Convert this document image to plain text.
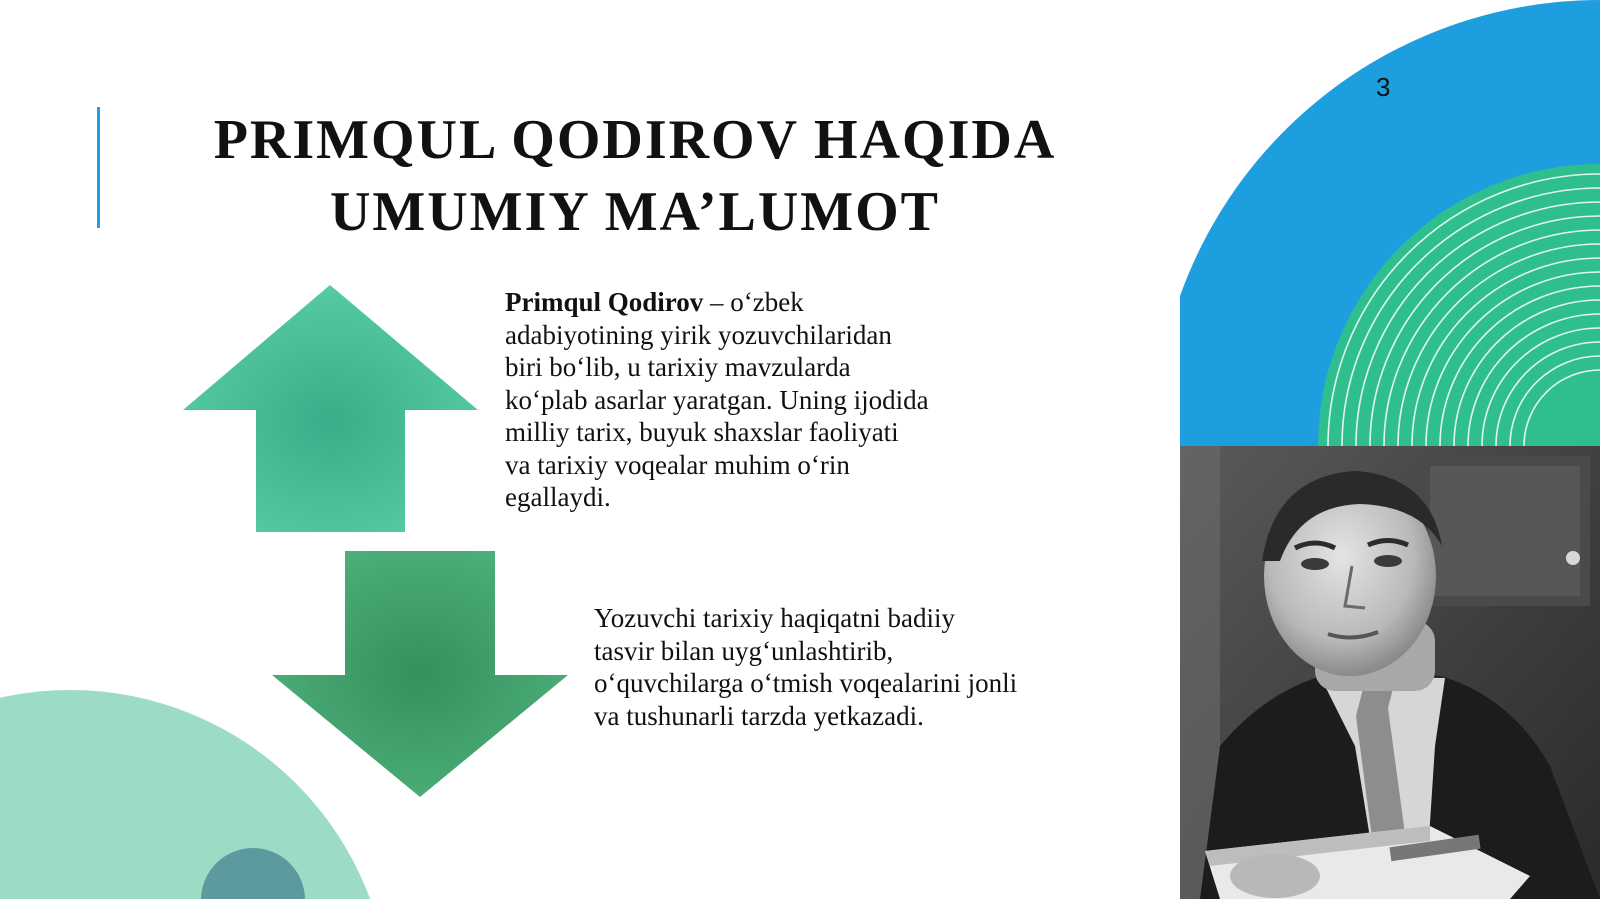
PRIMQUL QODIROV HAQIDA
UMUMIY MA’LUMOT
3
Primqul Qodirov – o‘zbek
adabiyotining yirik yozuvchilaridan
biri bo‘lib, u tarixiy mavzularda
ko‘plab asarlar yaratgan. Uning ijodida
milliy tarix, buyuk shaxslar faoliyati
va tarixiy voqealar muhim o‘rin
egallaydi.
Yozuvchi tarixiy haqiqatni badiiy
tasvir bilan uyg‘unlashtirib,
o‘quvchilarga o‘tmish voqealarini jonli
va tushunarli tarzda yetkazadi.
